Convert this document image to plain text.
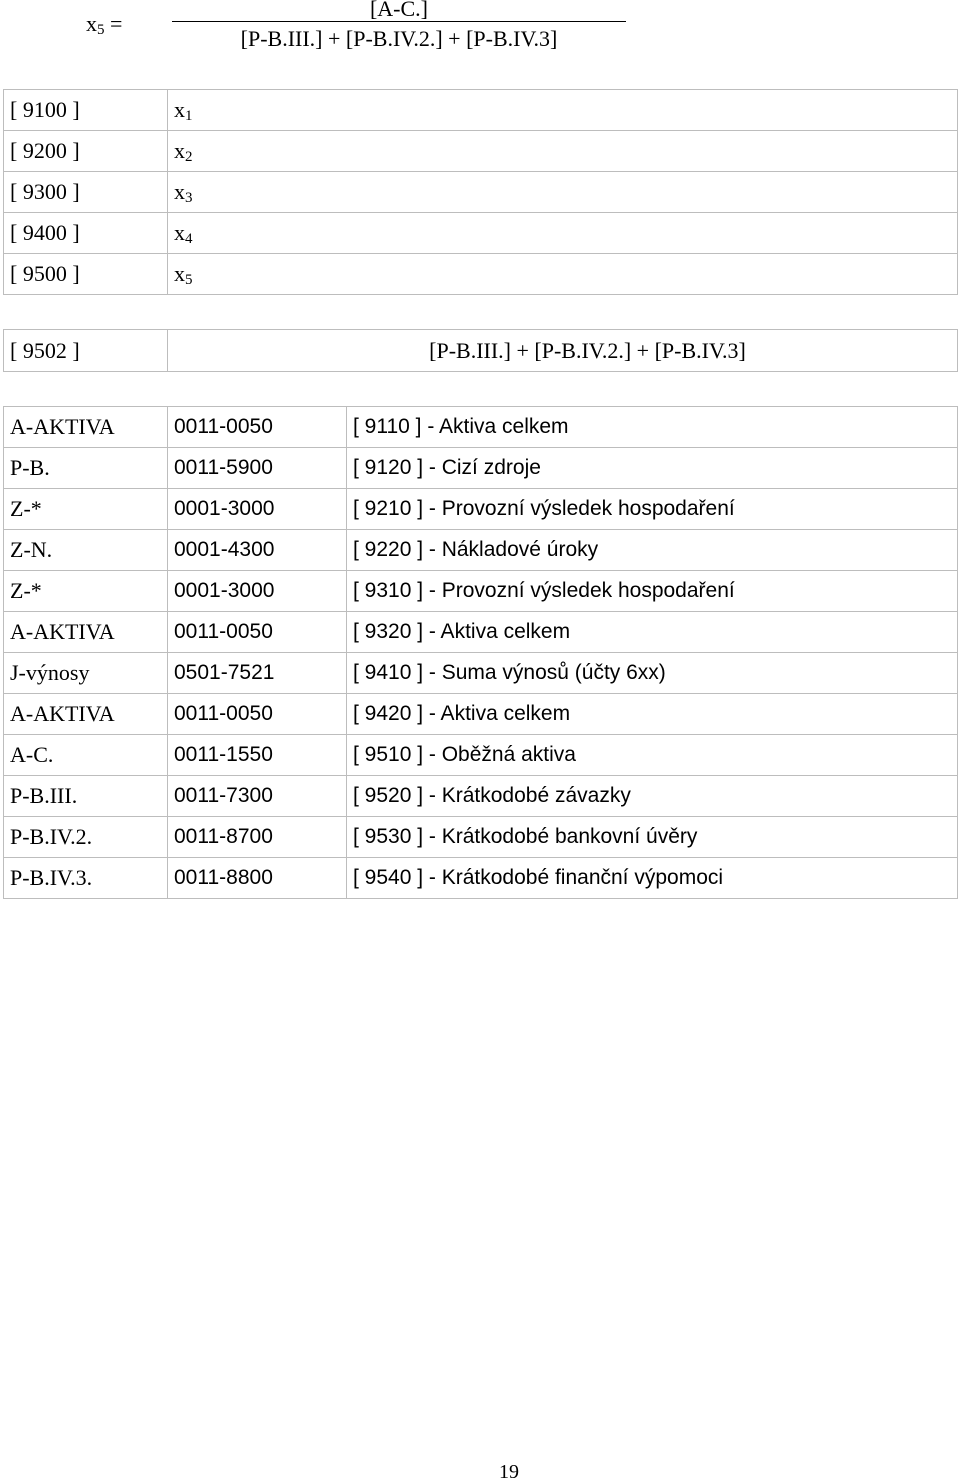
$x_5$ =
[A-C.]
[P-B.III.] + [P-B.IV.2.] + [P-B.IV.3]
[ 9100 ]	$x_1$
[ 9200 ]	$x_2$
[ 9300 ]	$x_3$
[ 9400 ]	$x_4$
[ 9500 ]	$x_5$
[ 9502 ]	[P-B.III.] + [P-B.IV.2.] + [P-B.IV.3]
A-AKTIVA	0011-0050	[ 9110 ] - Aktiva celkem
P-B.	0011-5900	[ 9120 ] - Cizí zdroje
Z-*	0001-3000	[ 9210 ] - Provozní výsledek hospodaření
Z-N.	0001-4300	[ 9220 ] - Nákladové úroky
Z-*	0001-3000	[ 9310 ] - Provozní výsledek hospodaření
A-AKTIVA	0011-0050	[ 9320 ] - Aktiva celkem
J-výnosy	0501-7521	[ 9410 ] - Suma výnosů (účty 6xx)
A-AKTIVA	0011-0050	[ 9420 ] - Aktiva celkem
A-C.	0011-1550	[ 9510 ] - Oběžná aktiva
P-B.III.	0011-7300	[ 9520 ] - Krátkodobé závazky
P-B.IV.2.	0011-8700	[ 9530 ] - Krátkodobé bankovní úvěry
P-B.IV.3.	0011-8800	[ 9540 ] - Krátkodobé finanční výpomoci
19
